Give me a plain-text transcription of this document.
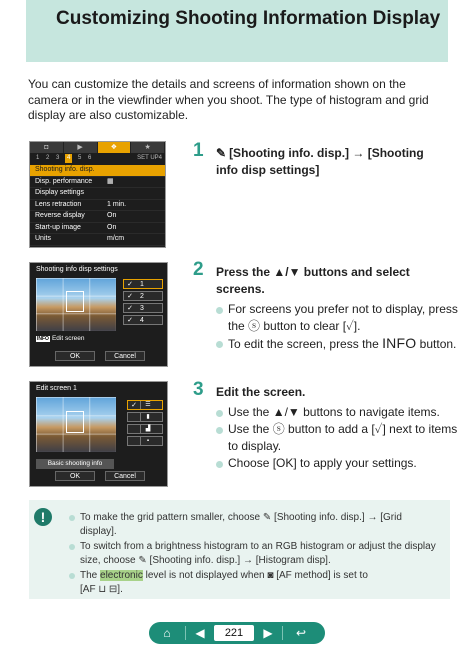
Customizing Shooting Information Display

You can customize the details and screens of information shown on the camera or in the viewfinder when you shoot. The type of histogram and grid display are also customizable.

◘	▶	❖	★
1 2 3	4	5 6	SET UP4
Shooting info. disp.
Disp. performance	▦
Display settings
Lens retraction	1 min.
Reverse display	On
Start-up image	On
Units	m/cm
Shooting info disp settings
✓	1
✓	2
✓	3
✓	4
INFO Edit screen
OK	Cancel
Edit screen 1
✓	☰
▮
▟
▪
Basic shooting info
OK	Cancel
1 ✎ [Shooting info. disp.] → [Shooting info disp settings]
2 Press the ▲/▼ buttons and select screens.
For screens you prefer not to display, press the ⓢ button to clear [✓].
To edit the screen, press the INFO button.
3 Edit the screen.
Use the ▲/▼ buttons to navigate items.
Use the ⓢ button to add a [✓] next to items to display.
Choose [OK] to apply your settings.
!	To make the grid pattern smaller, choose ✎ [Shooting info. disp.] → [Grid display].
To switch from a brightness histogram to an RGB histogram or adjust the display size, choose ✎ [Shooting info. disp.] → [Histogram disp].
The electronic level is not displayed when ◙ [AF method] is set to
[AF ⊔ ⊟].
⌂	◀	221	▶	↩
